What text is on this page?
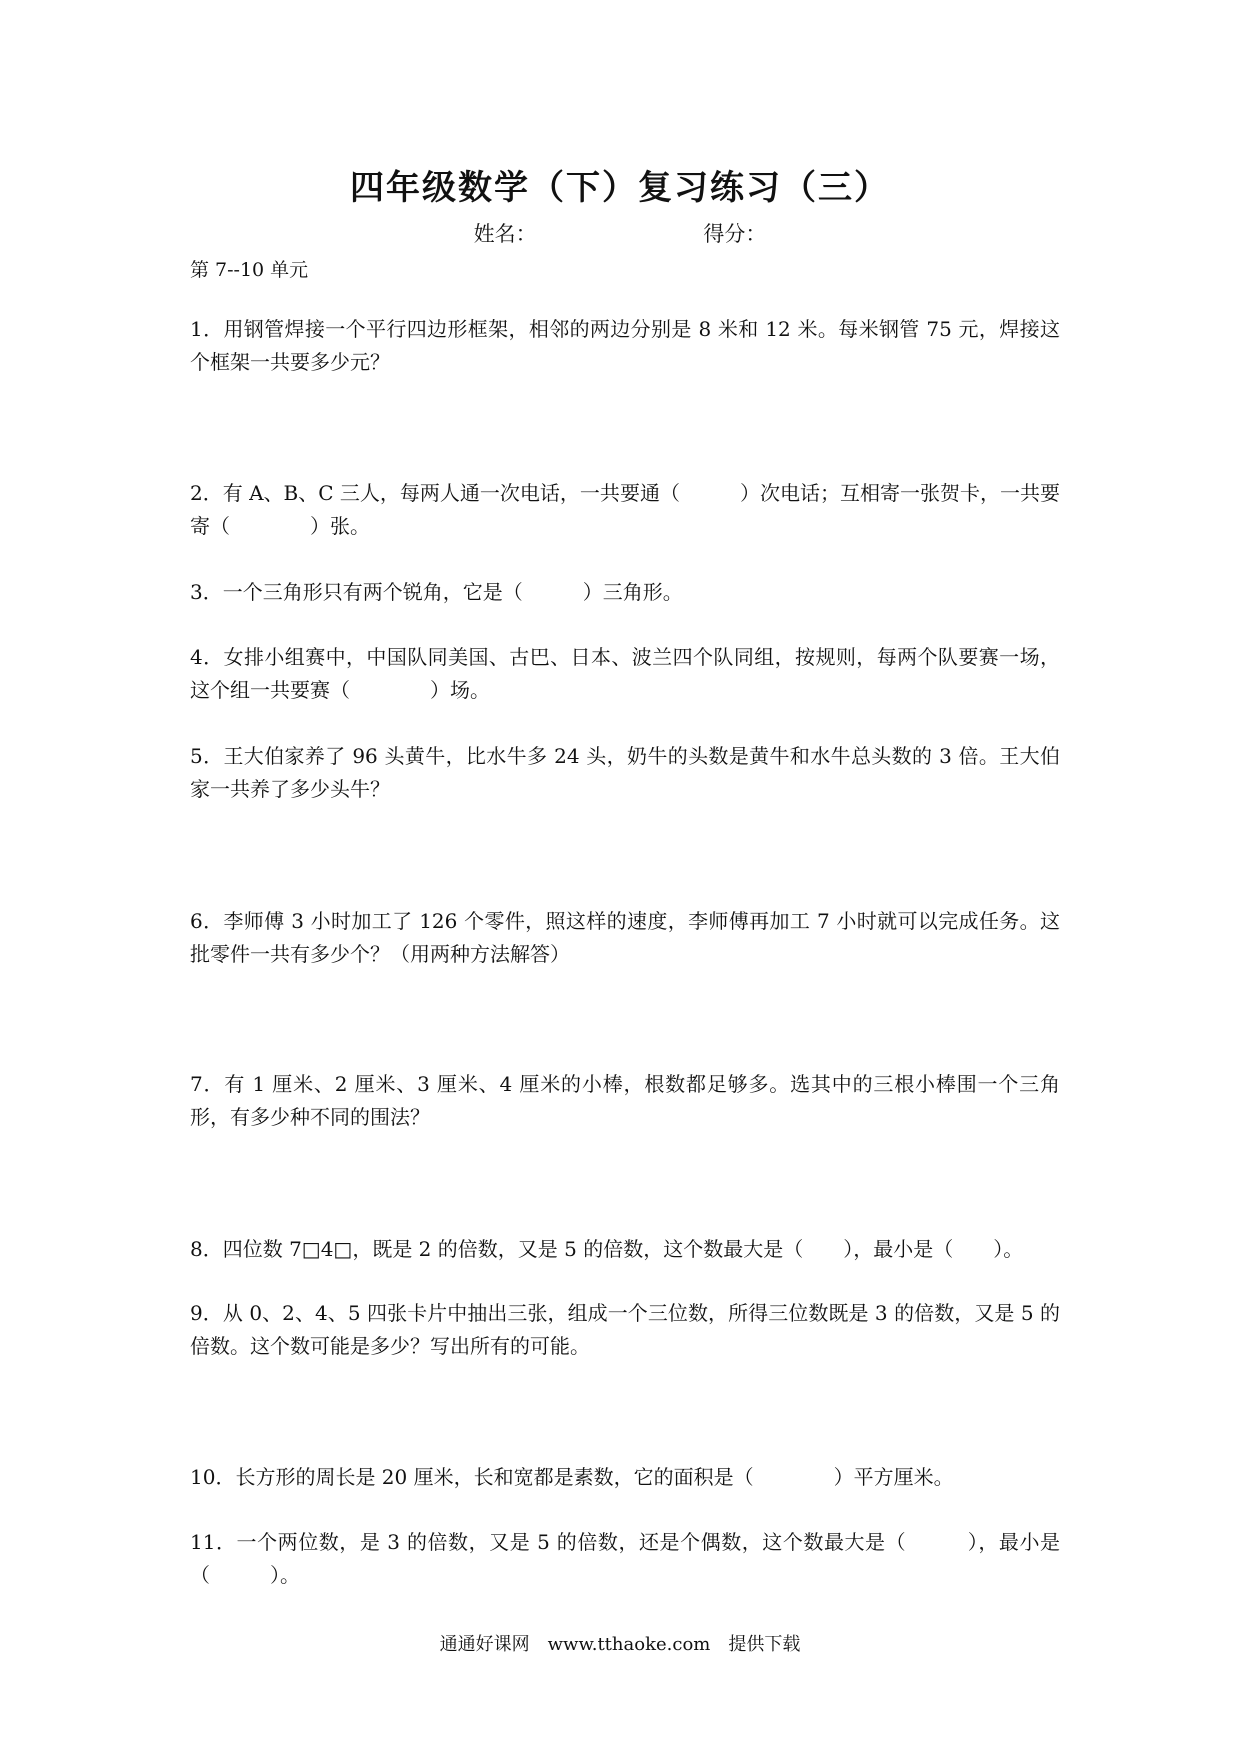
四年级数学（下）复习练习（三）
姓名：	得分：
第 7--10 单元
1．用钢管焊接一个平行四边形框架，相邻的两边分别是 8 米和 12 米。每米钢管 75 元，焊接这个框架一共要多少元？
2．有 A、B、C 三人，每两人通一次电话，一共要通（　　　）次电话；互相寄一张贺卡，一共要寄（　　　　）张。
3．一个三角形只有两个锐角，它是（　　　）三角形。
4．女排小组赛中，中国队同美国、古巴、日本、波兰四个队同组，按规则，每两个队要赛一场，这个组一共要赛（　　　　）场。
5．王大伯家养了 96 头黄牛，比水牛多 24 头，奶牛的头数是黄牛和水牛总头数的 3 倍。王大伯家一共养了多少头牛？
6．李师傅 3 小时加工了 126 个零件，照这样的速度，李师傅再加工 7 小时就可以完成任务。这批零件一共有多少个？（用两种方法解答）
7．有 1 厘米、2 厘米、3 厘米、4 厘米的小棒，根数都足够多。选其中的三根小棒围一个三角形，有多少种不同的围法？
8．四位数 7□4□，既是 2 的倍数，又是 5 的倍数，这个数最大是（　　），最小是（　　）。
9．从 0、2、4、5 四张卡片中抽出三张，组成一个三位数，所得三位数既是 3 的倍数，又是 5 的倍数。这个数可能是多少？写出所有的可能。
10．长方形的周长是 20 厘米，长和宽都是素数，它的面积是（　　　　）平方厘米。
11．一个两位数，是 3 的倍数，又是 5 的倍数，还是个偶数，这个数最大是（　　　），最小是（　　　）。
通通好课网　www.tthaoke.com　提供下载
